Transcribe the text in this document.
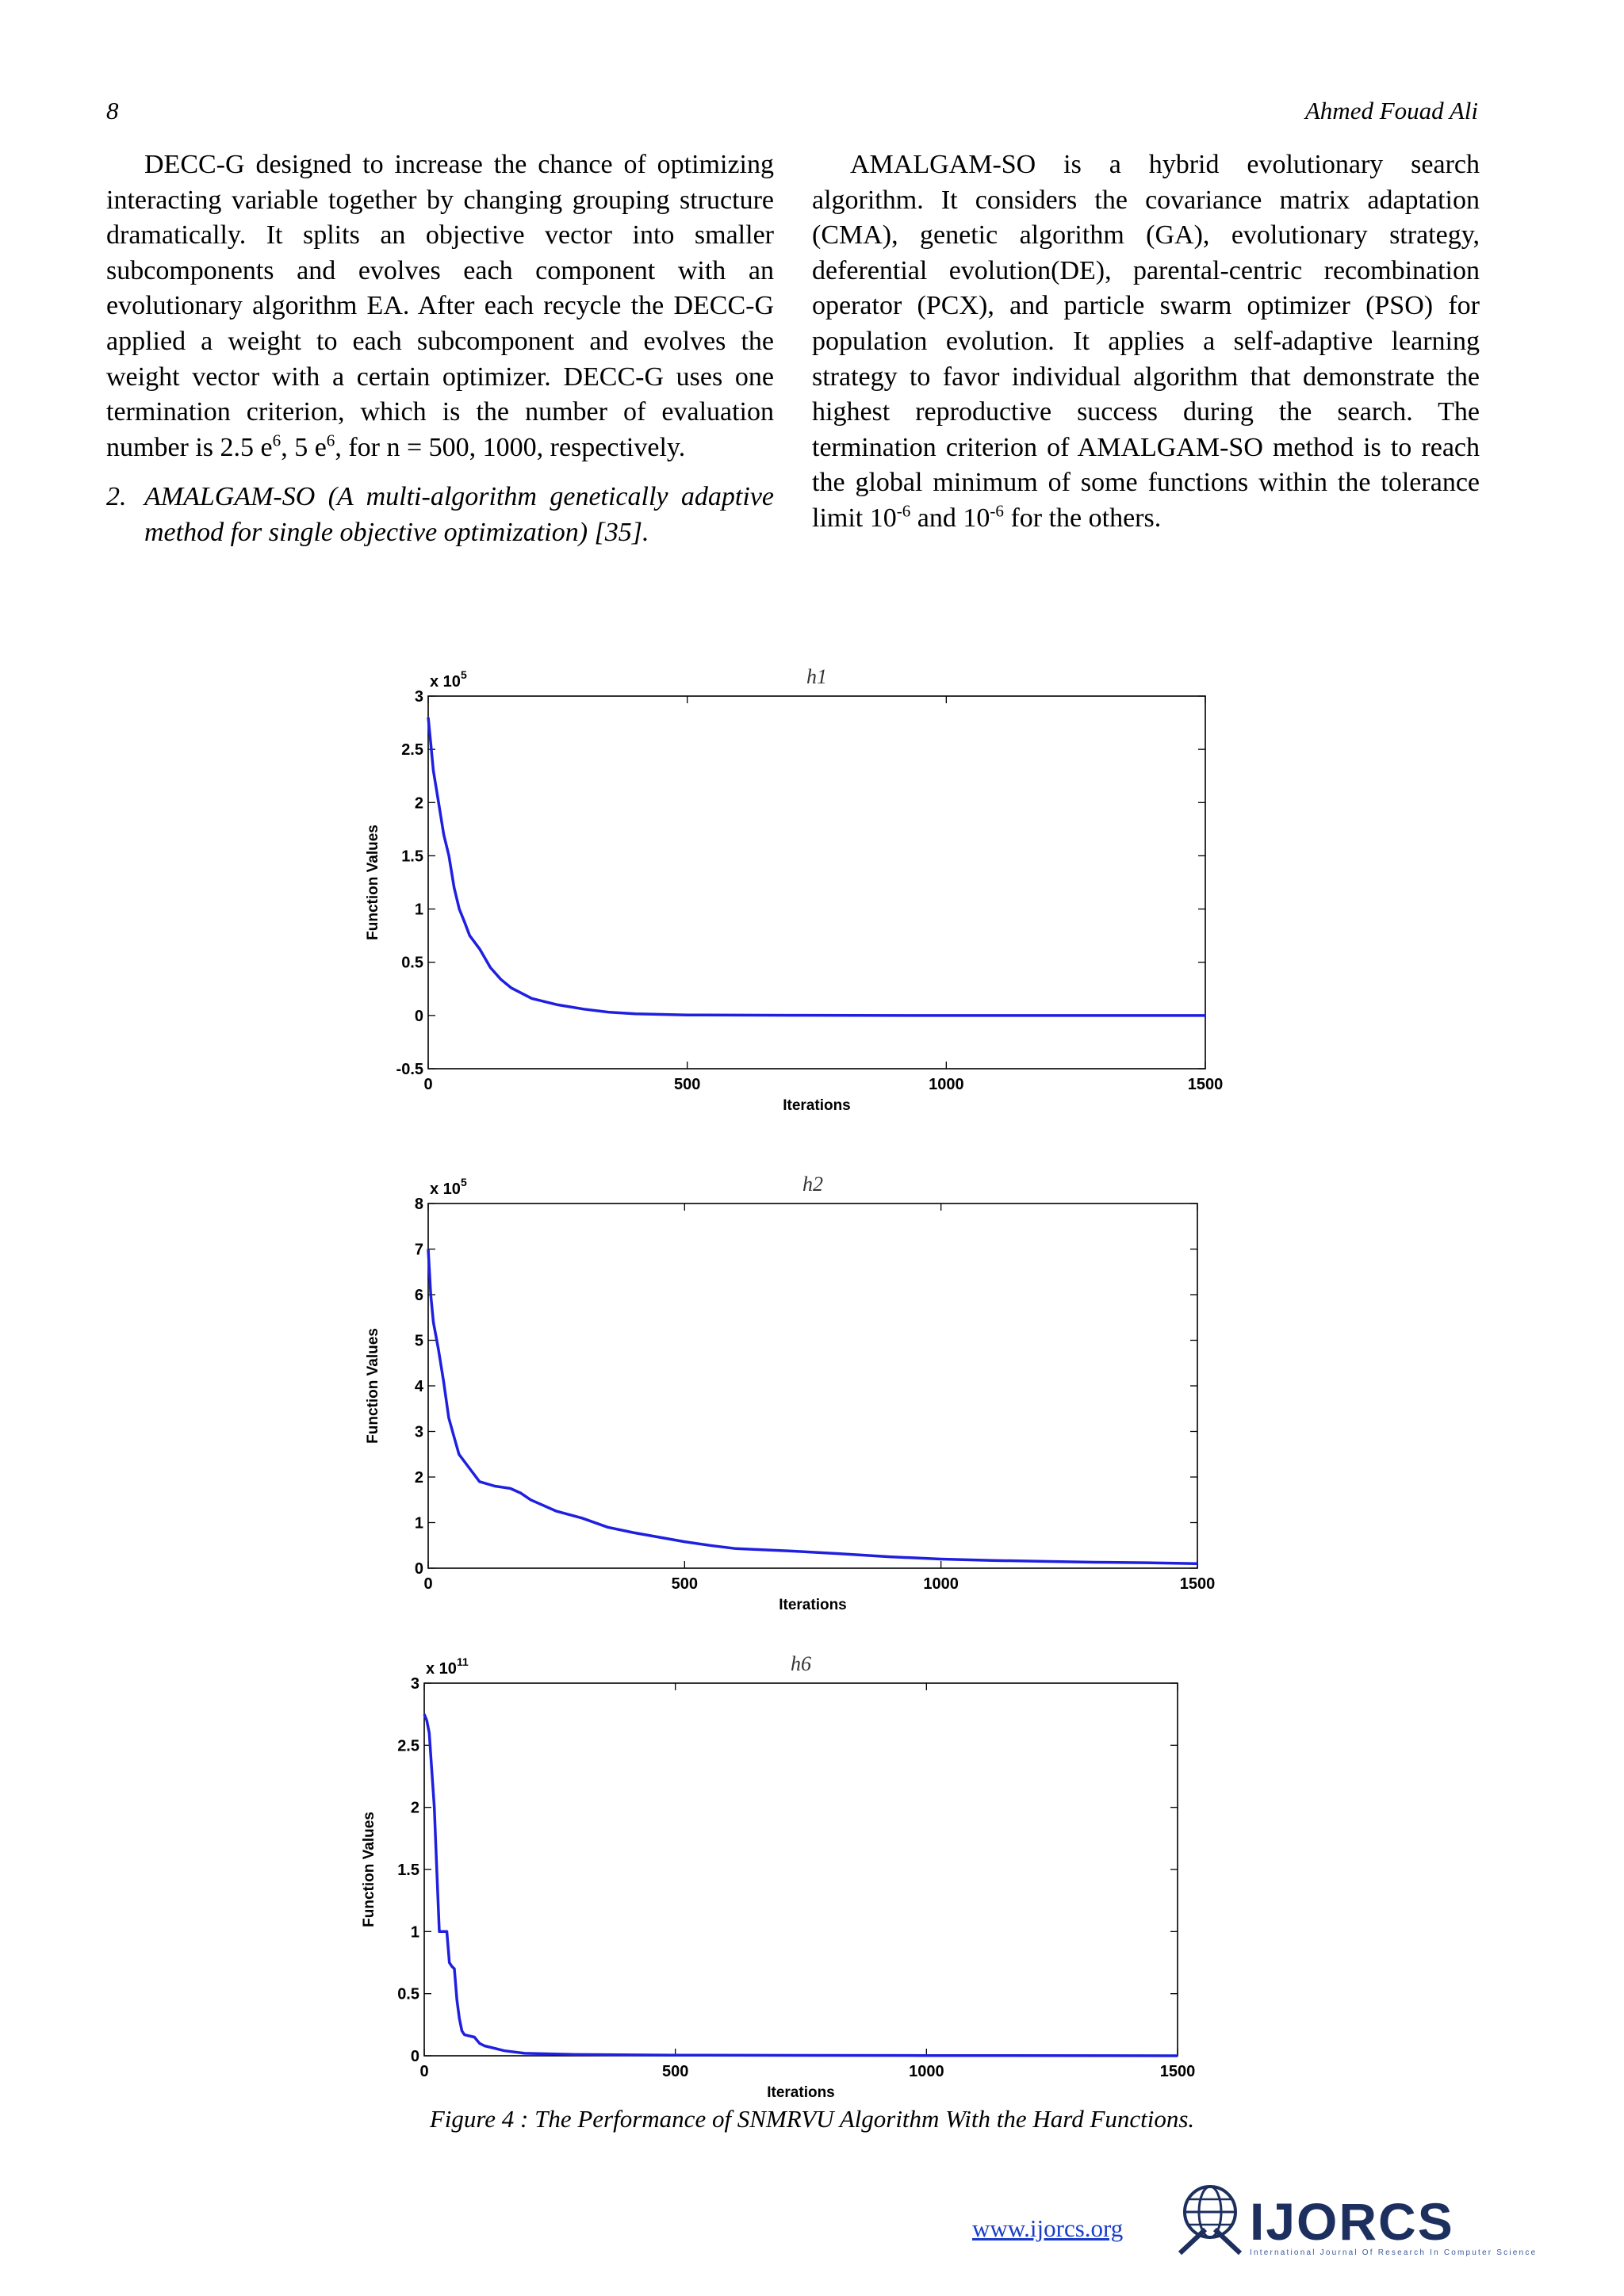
8	Ahmed Fouad Ali

DECC-G designed to increase the chance of optimizing interacting variable together by changing grouping structure dramatically. It splits an objective vector into smaller subcomponents and evolves each component with an evolutionary algorithm EA. After each recycle the DECC-G applied a weight to each subcomponent and evolves the weight vector with a certain optimizer. DECC-G uses one termination criterion, which is the number of evaluation number is 2.5 $e^6$, 5 $e^6$, for n = 500, 1000, respectively.

2. AMALGAM-SO (A multi-algorithm genetically adaptive method for single objective optimization) [35].

AMALGAM-SO is a hybrid evolutionary search algorithm. It considers the covariance matrix adaptation (CMA), genetic algorithm (GA), evolutionary strategy, deferential evolution(DE), parental-centric recombination operator (PCX), and particle swarm optimizer (PSO) for population evolution. It applies a self-adaptive learning strategy to favor individual algorithm that demonstrate the highest reproductive success during the search. The termination criterion of AMALGAM-SO method is to reach the global minimum of some functions within the tolerance limit $10^{-6}$ and $10^{-6}$ for the others.

0	500	1000	1500
-0.5
0
0.5
1
1.5
2
2.5
3
x $10^5$	h1
Iterations
Function Values
0	500	1000	1500
0
1
2
3
4
5
6
7
8
x $10^5$	h2
Iterations
Function Values
0	500	1000	1500
0
0.5
1
1.5
2
2.5
3
x $10^{11}$	h6
Iterations
Function Values
Figure 4 : The Performance of SNMRVU Algorithm With the Hard Functions.
www.ijorcs.org IJORCS
International Journal Of Research In Computer Science
